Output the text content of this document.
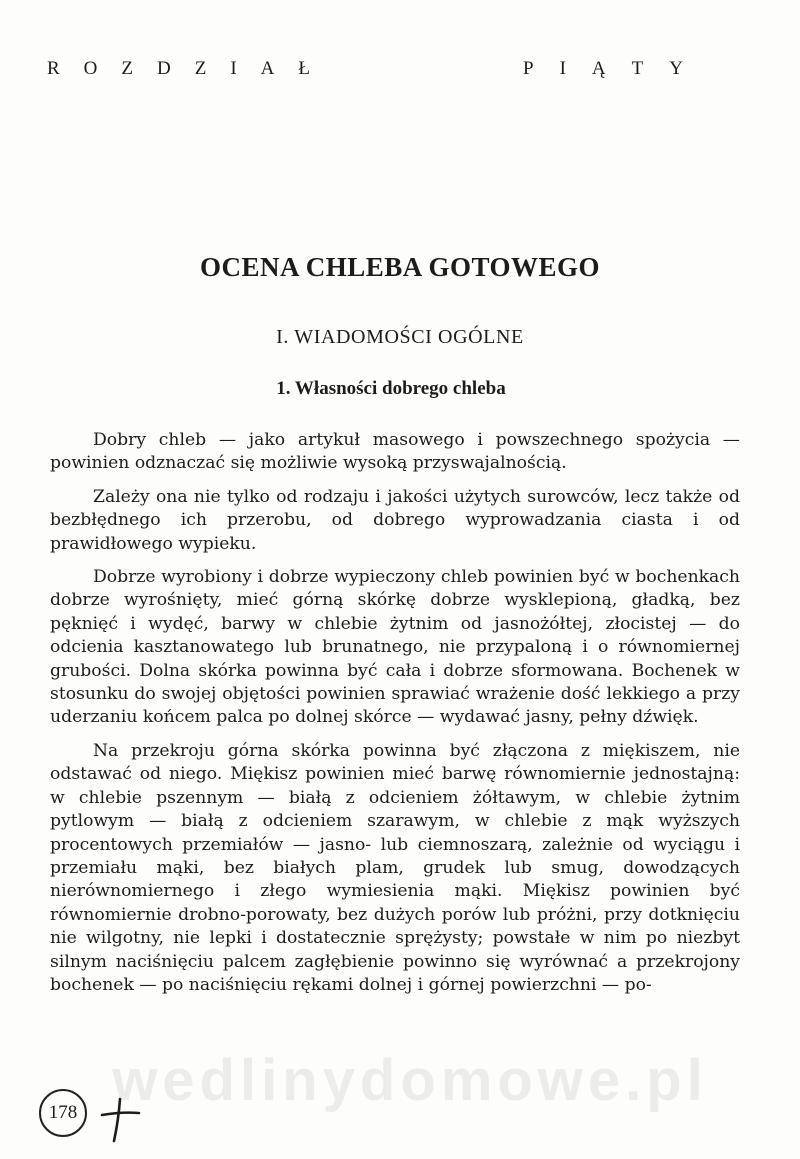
ROZDZIAŁ	PIĄTY
OCENA CHLEBA GOTOWEGO
I. WIADOMOŚCI OGÓLNE
1. Własności dobrego chleba

Dobry chleb — jako artykuł masowego i powszechnego spożycia — powinien odznaczać się możliwie wysoką przyswajalnością.

Zależy ona nie tylko od rodzaju i jakości użytych surowców, lecz także od bezbłędnego ich przerobu, od dobrego wyprowadzania ciasta i od prawidłowego wypieku.

Dobrze wyrobiony i dobrze wypieczony chleb powinien być w bochenkach dobrze wyrośnięty, mieć górną skórkę dobrze wysklepioną, gładką, bez pęknięć i wydęć, barwy w chlebie żytnim od jasnożółtej, złocistej — do odcienia kasztanowatego lub brunatnego, nie przypaloną i o równomiernej grubości. Dolna skórka powinna być cała i dobrze sformowana. Bochenek w stosunku do swojej objętości powinien sprawiać wrażenie dość lekkiego a przy uderzaniu końcem palca po dolnej skórce — wydawać jasny, pełny dźwięk.

Na przekroju górna skórka powinna być złączona z miękiszem, nie odstawać od niego. Miękisz powinien mieć barwę równomiernie jednostajną: w chlebie pszennym — białą z odcieniem żółtawym, w chlebie żytnim pytlowym — białą z odcieniem szarawym, w chlebie z mąk wyższych procentowych przemiałów — jasno- lub ciemnoszarą, zależnie od wyciągu i przemiału mąki, bez białych plam, grudek lub smug, dowodzących nierównomiernego i złego wymiesienia mąki. Miękisz powinien być równomiernie drobno-porowaty, bez dużych porów lub próżni, przy dotknięciu nie wilgotny, nie lepki i dostatecznie sprężysty; powstałe w nim po niezbyt silnym naciśnięciu palcem zagłębienie powinno się wyrównać a przekrojony bochenek — po naciśnięciu rękami dolnej i górnej powierzchni — po-

wedlinydomowe.pl
178
